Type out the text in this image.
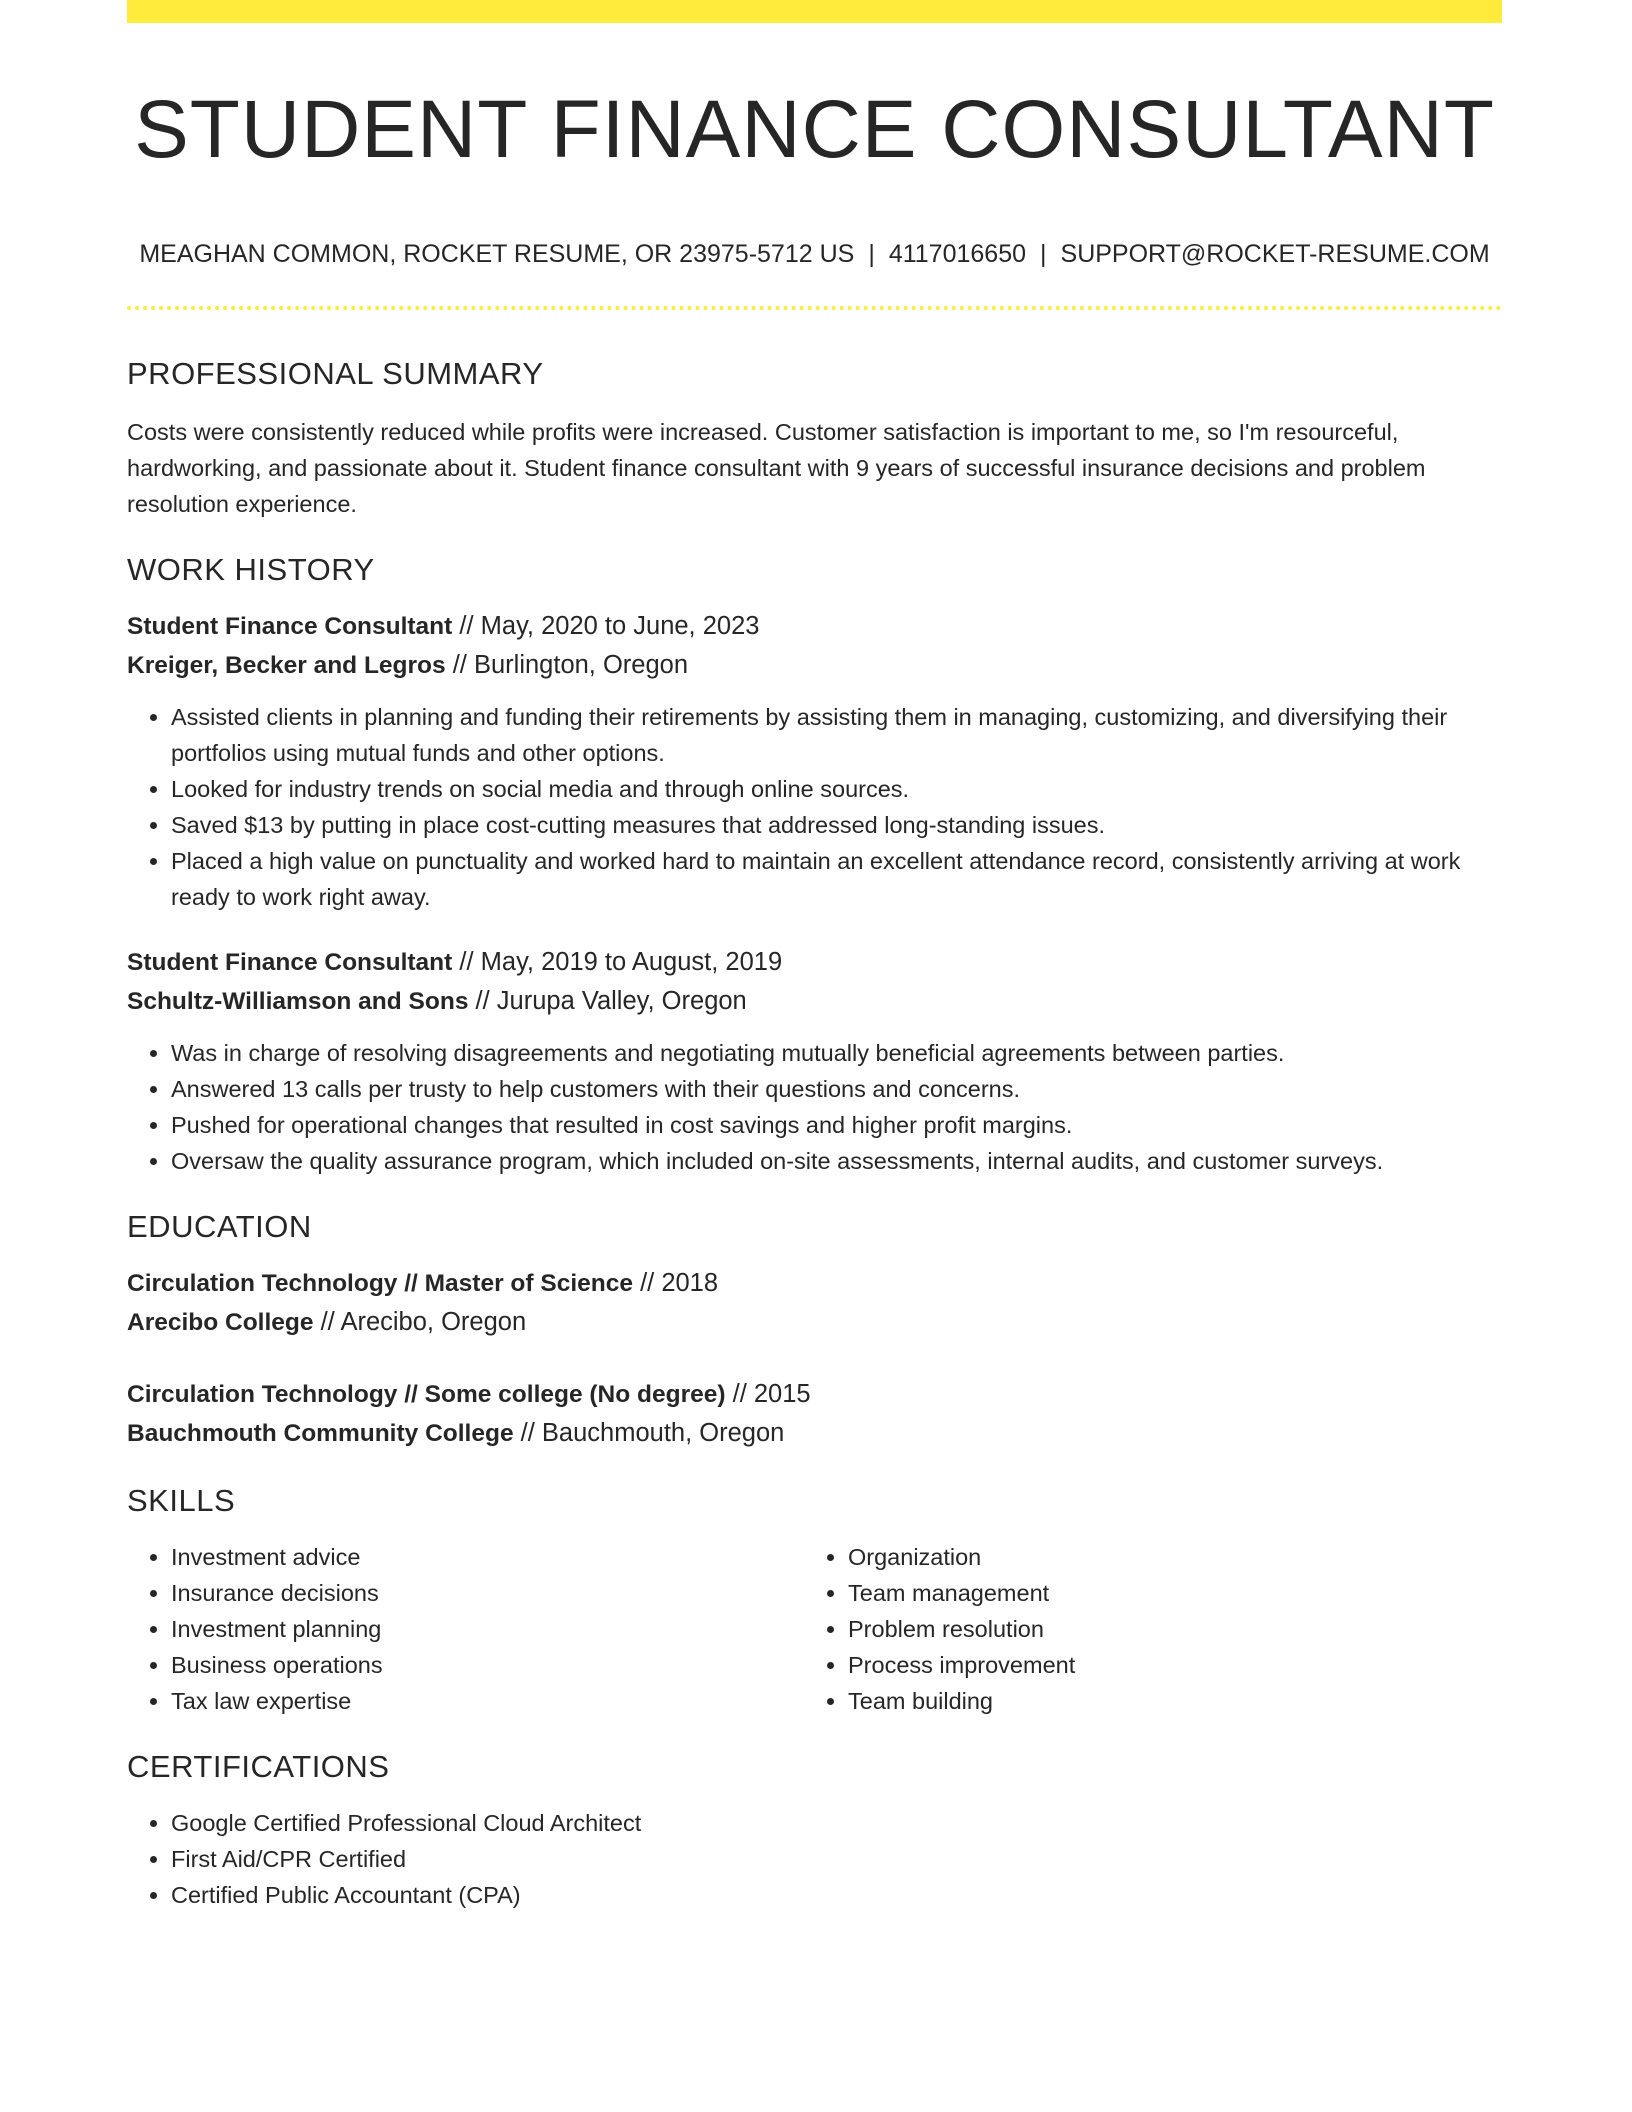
STUDENT FINANCE CONSULTANT
MEAGHAN COMMON, ROCKET RESUME, OR 23975-5712 US | 4117016650 | SUPPORT@ROCKET-RESUME.COM
PROFESSIONAL SUMMARY

Costs were consistently reduced while profits were increased. Customer satisfaction is important to me, so I'm resourceful, hardworking, and passionate about it. Student finance consultant with 9 years of successful insurance decisions and problem resolution experience.

WORK HISTORY
Student Finance Consultant // May, 2020 to June, 2023
Kreiger, Becker and Legros // Burlington, Oregon
• Assisted clients in planning and funding their retirements by assisting them in managing, customizing, and diversifying their portfolios using mutual funds and other options.
• Looked for industry trends on social media and through online sources.
• Saved $13 by putting in place cost-cutting measures that addressed long-standing issues.
• Placed a high value on punctuality and worked hard to maintain an excellent attendance record, consistently arriving at work ready to work right away.
Student Finance Consultant // May, 2019 to August, 2019
Schultz-Williamson and Sons // Jurupa Valley, Oregon
• Was in charge of resolving disagreements and negotiating mutually beneficial agreements between parties.
• Answered 13 calls per trusty to help customers with their questions and concerns.
• Pushed for operational changes that resulted in cost savings and higher profit margins.
• Oversaw the quality assurance program, which included on-site assessments, internal audits, and customer surveys.
EDUCATION
Circulation Technology // Master of Science // 2018
Arecibo College // Arecibo, Oregon
Circulation Technology // Some college (No degree) // 2015
Bauchmouth Community College // Bauchmouth, Oregon
SKILLS
• Investment advice
• Insurance decisions
• Investment planning
• Business operations
• Tax law expertise
• Organization
• Team management
• Problem resolution
• Process improvement
• Team building
CERTIFICATIONS
• Google Certified Professional Cloud Architect
• First Aid/CPR Certified
• Certified Public Accountant (CPA)
